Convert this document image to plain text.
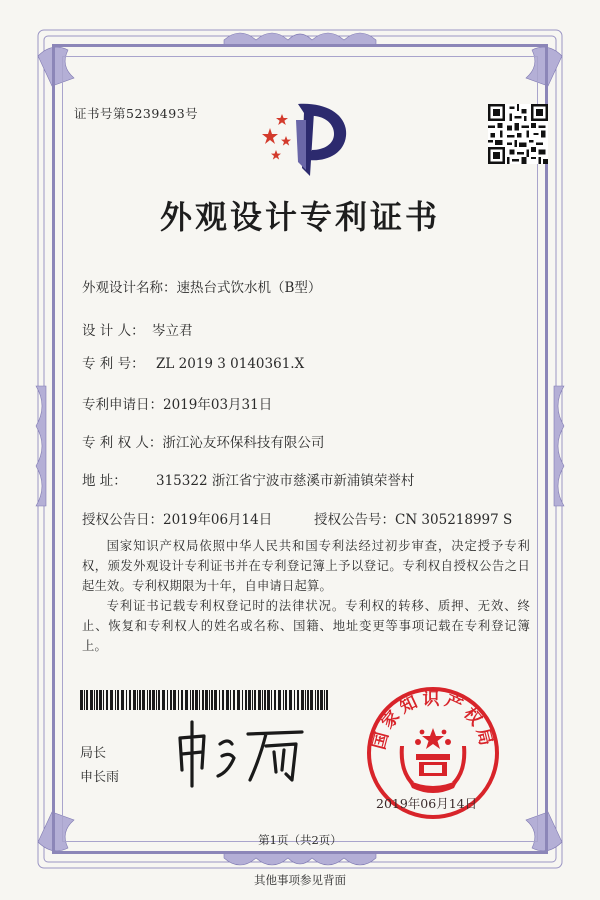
证书号第5239493号
外观设计专利证书
外观设计名称：速热台式饮水机（B型）
设 计 人： 岑立君
专 利 号： ZL 2019 3 0140361.X
专利申请日：2019年03月31日
专 利 权 人：浙江沁友环保科技有限公司
地 址： 315322 浙江省宁波市慈溪市新浦镇荣誉村
授权公告日：2019年06月14日	授权公告号：CN 305218997 S
国家知识产权局依照中华人民共和国专利法经过初步审查，决定授予专利权，颁发外观设计专利证书并在专利登记簿上予以登记。专利权自授权公告之日起生效。专利权期限为十年，自申请日起算。
专利证书记载专利权登记时的法律状况。专利权的转移、质押、无效、终止、恢复和专利权人的姓名或名称、国籍、地址变更等事项记载在专利登记簿上。
局长
申长雨
国家知识产权局
2019年06月14日
第1页（共2页）
其他事项参见背面
